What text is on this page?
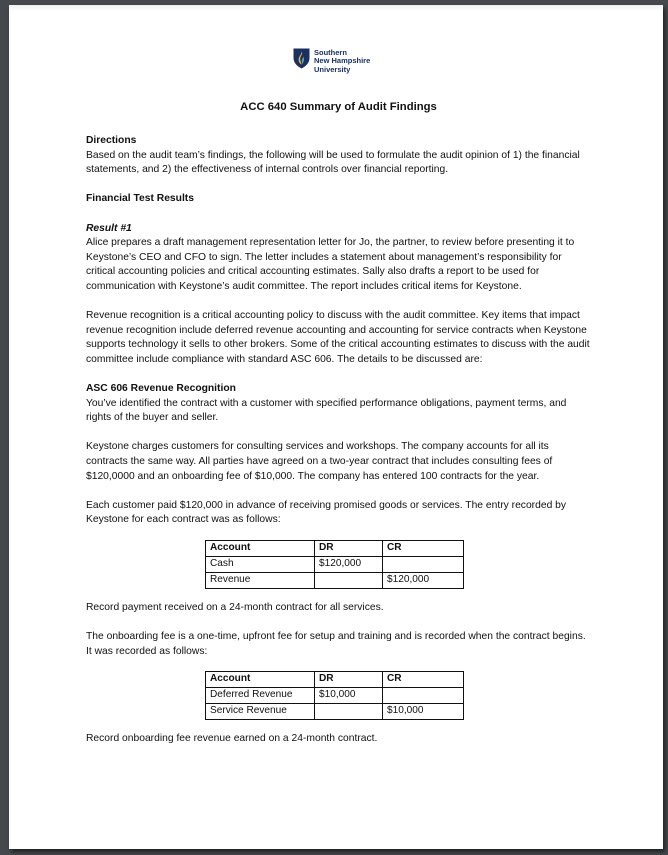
Southern
New Hampshire
University
ACC 640 Summary of Audit Findings

Directions

Based on the audit team’s findings, the following will be used to formulate the audit opinion of 1) the financial statements, and 2) the effectiveness of internal controls over financial reporting.

Financial Test Results

Result #1

Alice prepares a draft management representation letter for Jo, the partner, to review before presenting it to Keystone’s CEO and CFO to sign. The letter includes a statement about management’s responsibility for critical accounting policies and critical accounting estimates. Sally also drafts a report to be used for communication with Keystone’s audit committee. The report includes critical items for Keystone.

Revenue recognition is a critical accounting policy to discuss with the audit committee. Key items that impact revenue recognition include deferred revenue accounting and accounting for service contracts when Keystone supports technology it sells to other brokers. Some of the critical accounting estimates to discuss with the audit committee include compliance with standard ASC 606. The details to be discussed are:

ASC 606 Revenue Recognition

You’ve identified the contract with a customer with specified performance obligations, payment terms, and rights of the buyer and seller.

Keystone charges customers for consulting services and workshops. The company accounts for all its contracts the same way. All parties have agreed on a two-year contract that includes consulting fees of $120,0000 and an onboarding fee of $10,000. The company has entered 100 contracts for the year.

Each customer paid $120,000 in advance of receiving promised goods or services. The entry recorded by Keystone for each contract was as follows:

Account	DR	CR
Cash	$120,000	
Revenue		$120,000

Record payment received on a 24-month contract for all services.

The onboarding fee is a one-time, upfront fee for setup and training and is recorded when the contract begins. It was recorded as follows:

Account	DR	CR
Deferred Revenue	$10,000	
Service Revenue		$10,000

Record onboarding fee revenue earned on a 24-month contract.
